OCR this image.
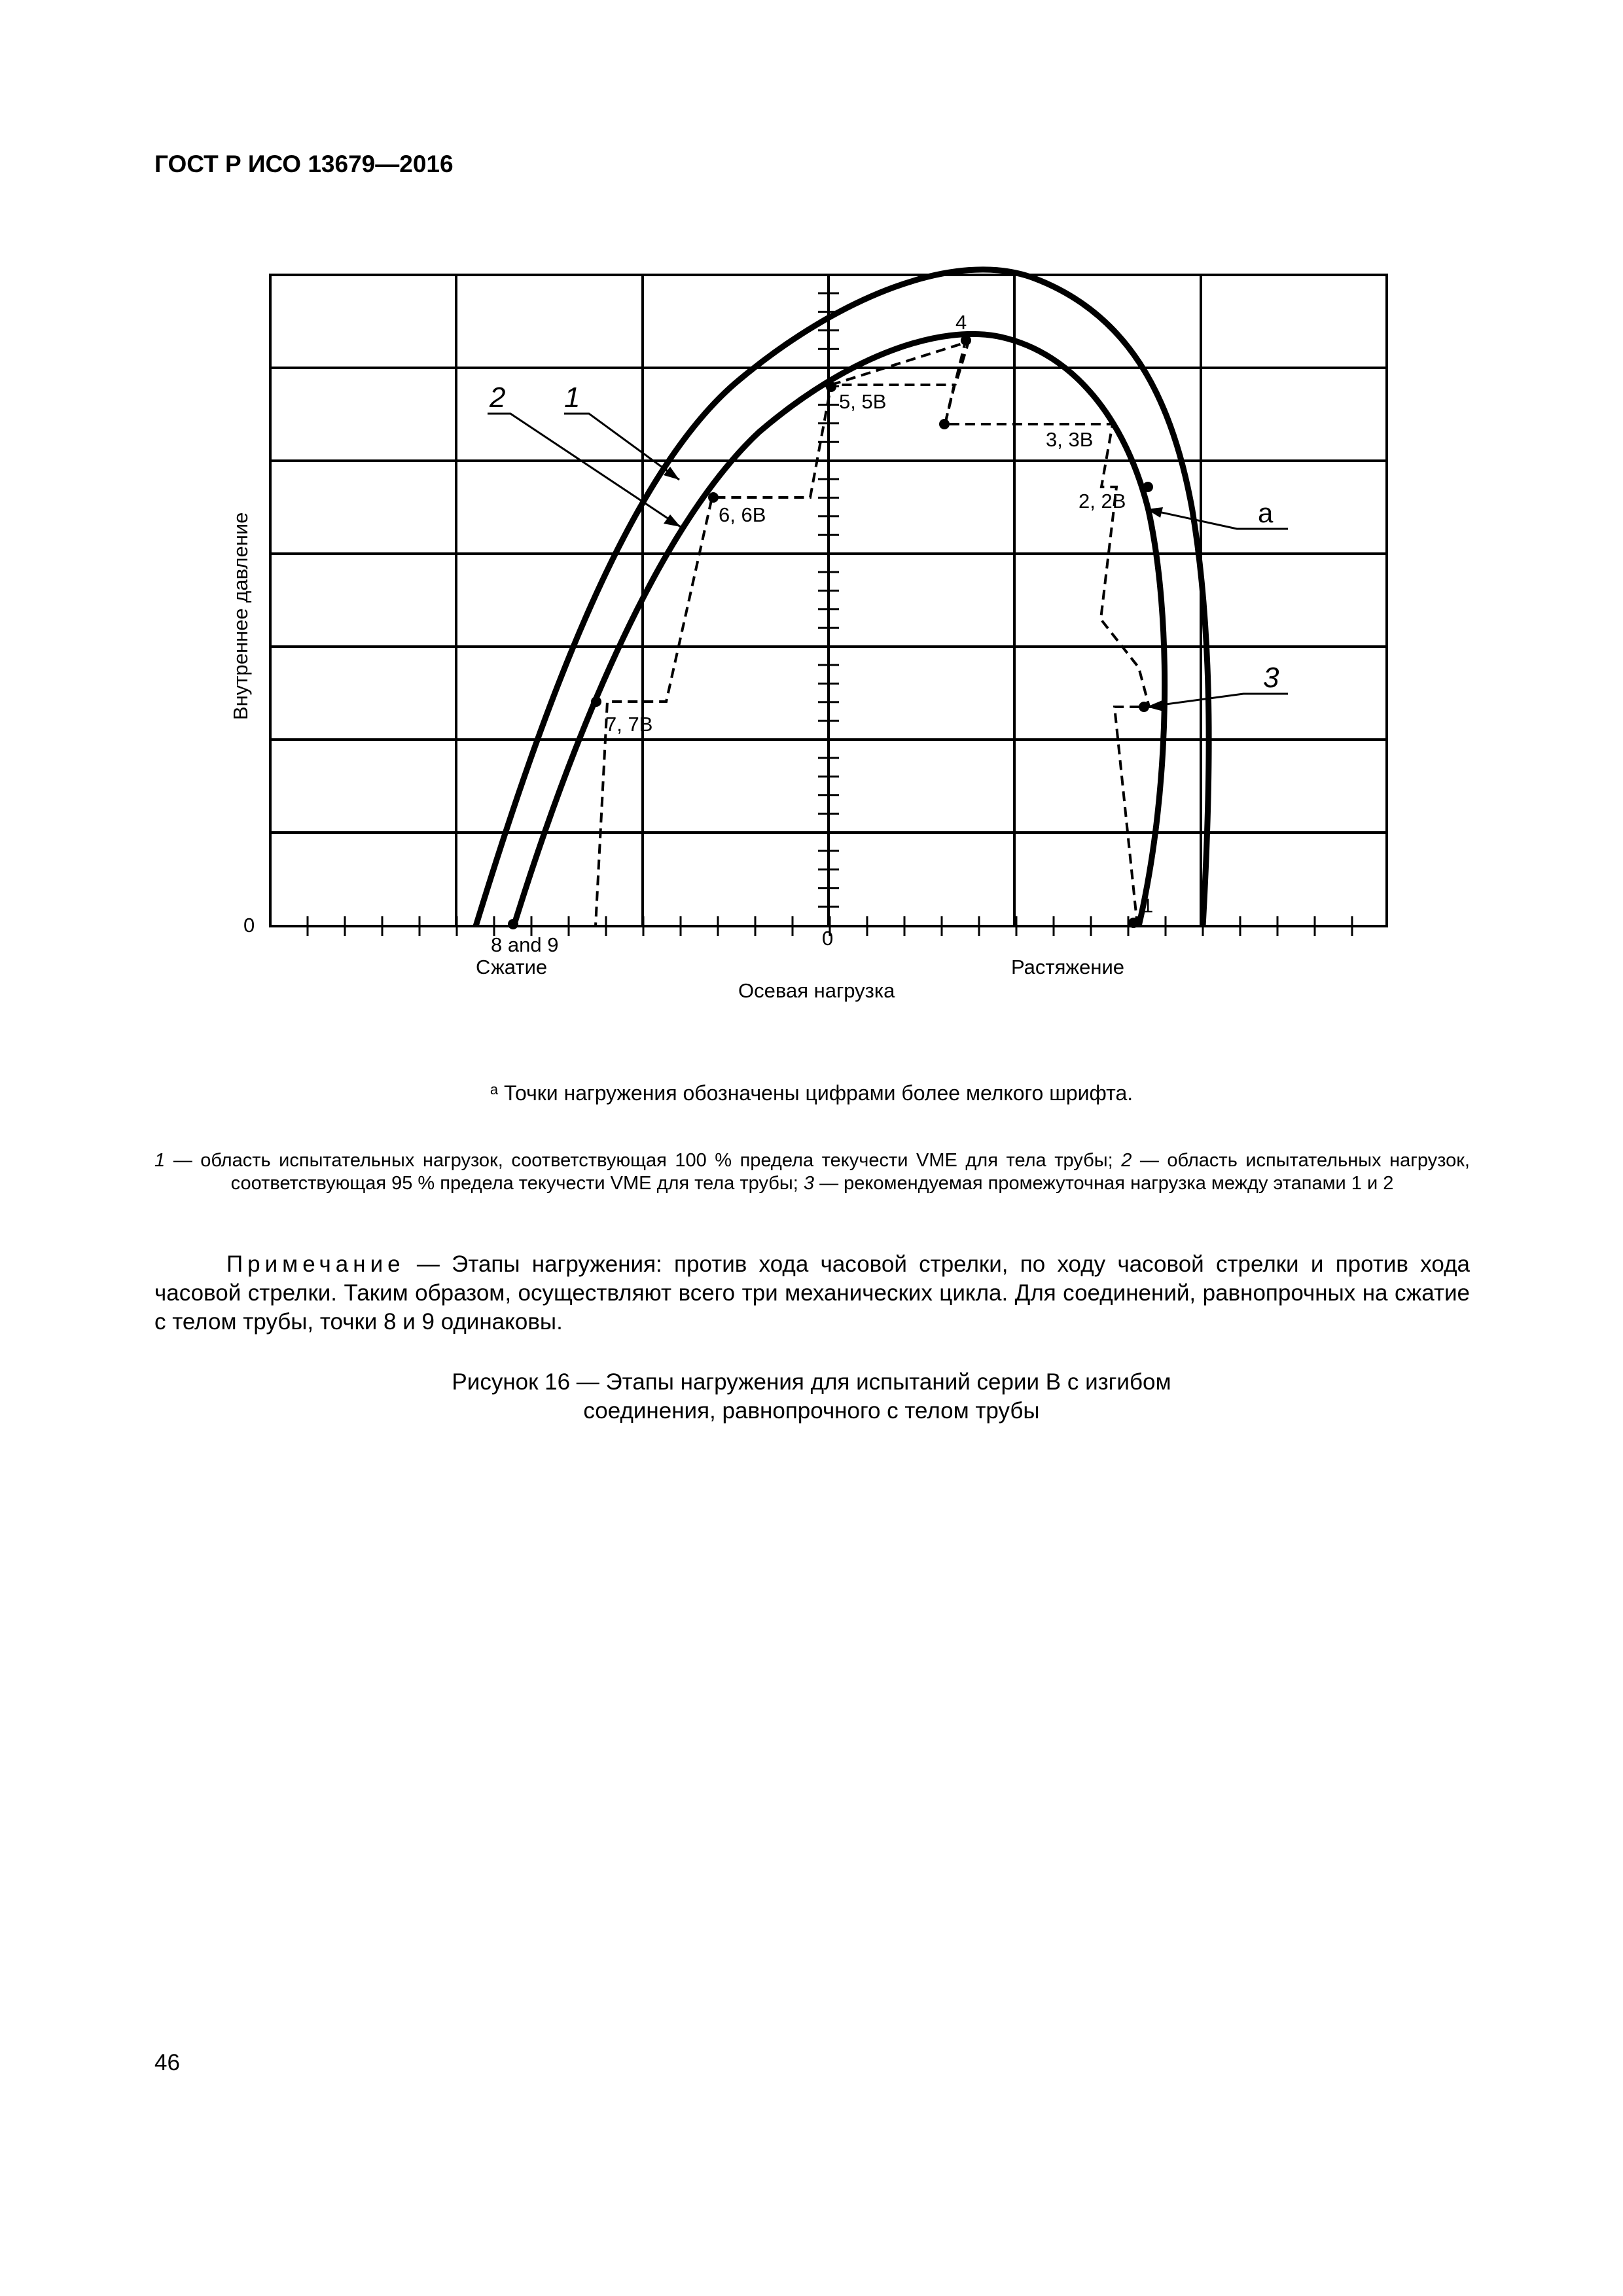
ГОСТ Р ИСО 13679—2016
2 1
3
a
4
5, 5B
3, 3B
2, 2B
6, 6B
7, 7B
1
8 and 9
0
0
Сжатие	Растяжение
Осевая нагрузка
Внутреннее давление
$^a$ Точки нагружения обозначены цифрами более мелкого шрифта.
1 — область испытательных нагрузок, соответствующая 100 % предела текучести VME для тела трубы; 2 — область испытательных нагрузок, соответствующая 95 % предела текучести VME для тела трубы; 3 — рекомендуемая промежуточная нагрузка между этапами 1 и 2
Примечание — Этапы нагружения: против хода часовой стрелки, по ходу часовой стрелки и против хода часовой стрелки. Таким образом, осуществляют всего три механических цикла. Для соединений, равнопрочных на сжатие с телом трубы, точки 8 и 9 одинаковы.
Рисунок 16 — Этапы нагружения для испытаний серии B с изгибом
соединения, равнопрочного с телом трубы
46
